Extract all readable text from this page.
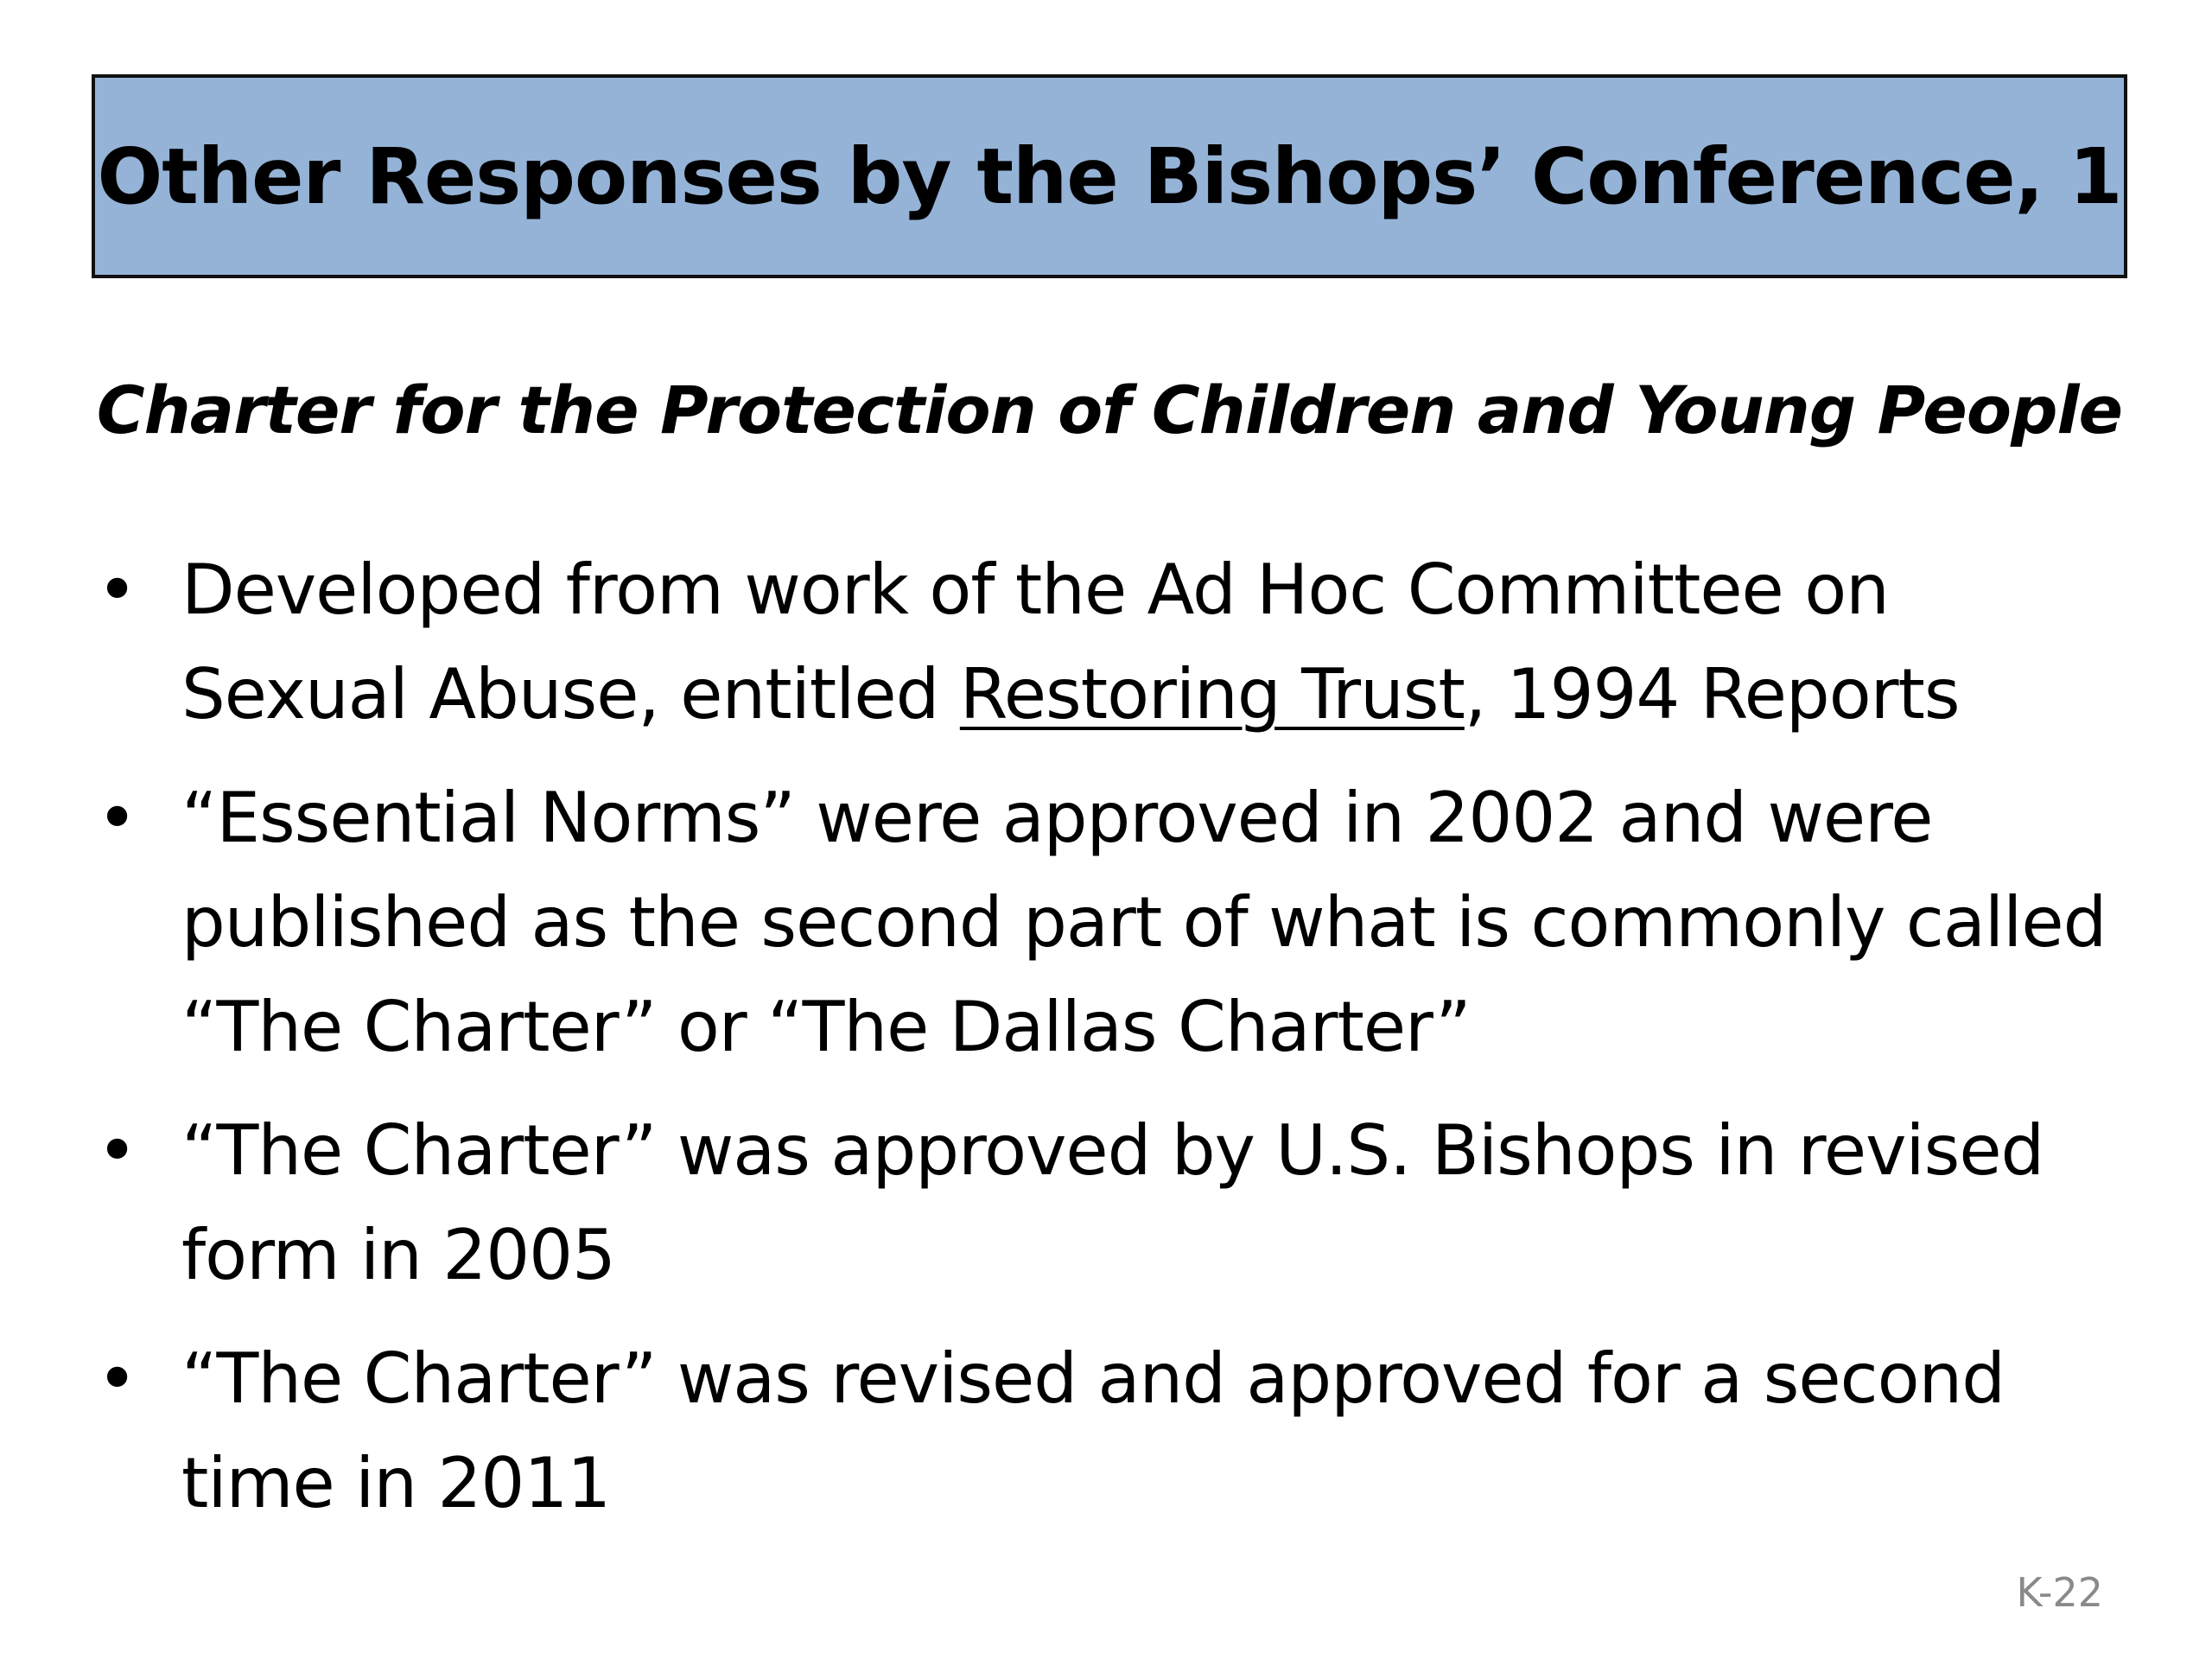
Other Responses by the Bishops’ Conference, 1
Charter for the Protection of Children and Young People
• Developed from work of the Ad Hoc Committee on Sexual Abuse, entitled Restoring Trust, 1994 Reports
• “Essential Norms” were approved in 2002 and were published as the second part of what is commonly called “The Charter” or “The Dallas Charter”
• “The Charter” was approved by U.S. Bishops in revised form in 2005
• “The Charter” was revised and approved for a second time in 2011
K-22
